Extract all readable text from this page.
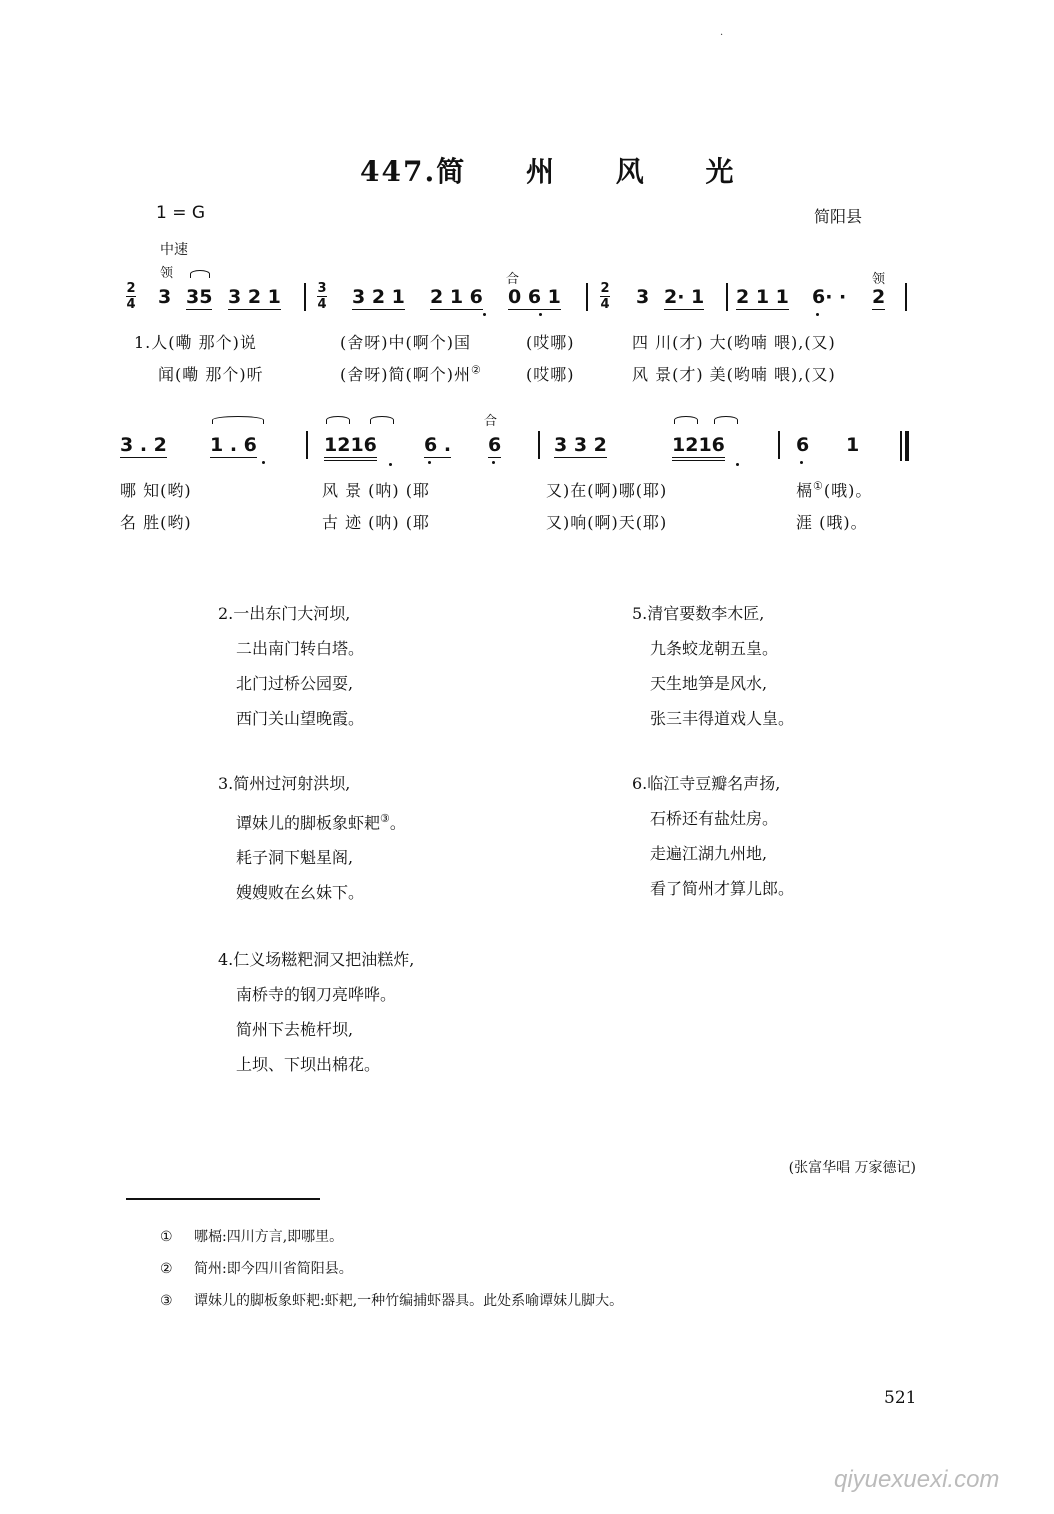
·
447.简 州 风 光
1 = G	简阳县
中速
领	合	领
2
4 3 35 3 2 1	3
4 3 2 1 2 1 6 0 6 1	2
4 3 2· 1 2 1 1 6· · 2
1.人(嘞 那个)说	(舍呀)中(啊个)国	(哎哪)	四 川(才) 大(哟喃 喂),(又)
闻(嘞 那个)听	(舍呀)简(啊个)州②	(哎哪)	风 景(才) 美(哟喃 喂),(又)
合
3 . 2 1 . 6	1216 6 . 6	3 3 2	1216	6 1
哪 知(哟)	风 景 (呐) (耶	又)在(啊)哪(耶)	槅①(哦)。
名 胜(哟)	古 迹 (呐) (耶	又)响(啊)天(耶)	涯 (哦)。
2.一出东门大河坝,
二出南门转白塔。
北门过桥公园耍,
西门关山望晚霞。
3.简州过河射洪坝,
谭妹儿的脚板象虾耙③。
耗子洞下魁星阁,
嫂嫂败在幺妹下。
4.仁义场糍粑洞又把油糕炸,
南桥寺的钢刀亮哗哗。
简州下去桅杆坝,
上坝、下坝出棉花。
5.清官要数李木匠,
九条蛟龙朝五皇。
天生地笋是风水,
张三丰得道戏人皇。
6.临江寺豆瓣名声扬,
石桥还有盐灶房。
走遍江湖九州地,
看了简州才算儿郎。
(张富华唱 万家德记)
① 哪槅:四川方言,即哪里。
② 简州:即今四川省简阳县。
③ 谭妹儿的脚板象虾耙:虾耙,一种竹编捕虾器具。此处系喻谭妹儿脚大。
521
qiyuexuexi.com
